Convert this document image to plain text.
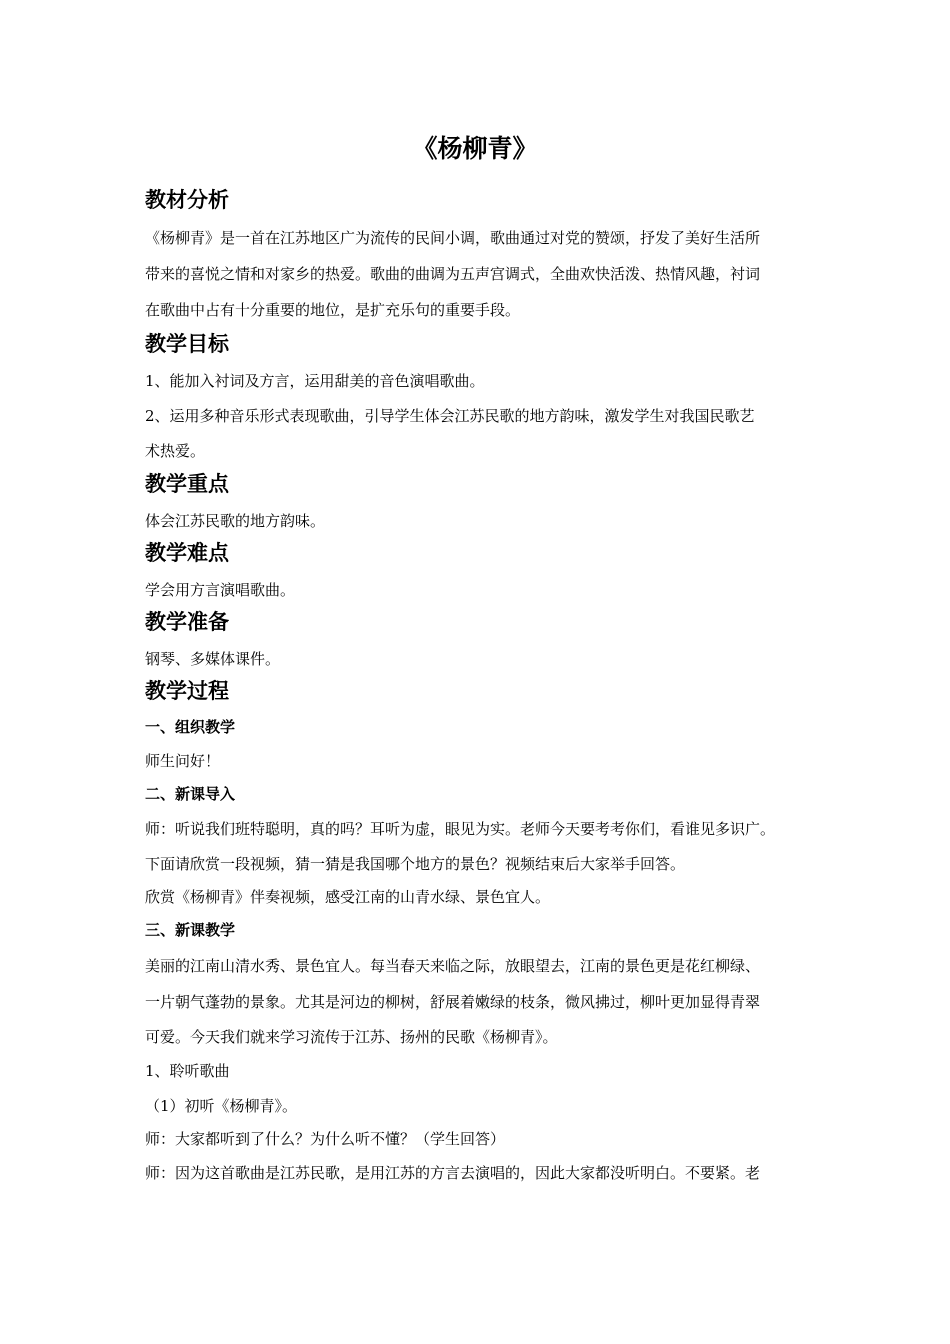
《杨柳青》
教材分析
《杨柳青》是一首在江苏地区广为流传的民间小调，歌曲通过对党的赞颂，抒发了美好生活所
带来的喜悦之情和对家乡的热爱。歌曲的曲调为五声宫调式，全曲欢快活泼、热情风趣，衬词
在歌曲中占有十分重要的地位，是扩充乐句的重要手段。
教学目标
1、能加入衬词及方言，运用甜美的音色演唱歌曲。
2、运用多种音乐形式表现歌曲，引导学生体会江苏民歌的地方韵味，激发学生对我国民歌艺
术热爱。
教学重点
体会江苏民歌的地方韵味。
教学难点
学会用方言演唱歌曲。
教学准备
钢琴、多媒体课件。
教学过程
一、组织教学
师生问好！
二、新课导入
师：听说我们班特聪明，真的吗？耳听为虚，眼见为实。老师今天要考考你们，看谁见多识广。
下面请欣赏一段视频，猜一猜是我国哪个地方的景色？视频结束后大家举手回答。
欣赏《杨柳青》伴奏视频，感受江南的山青水绿、景色宜人。
三、新课教学
美丽的江南山清水秀、景色宜人。每当春天来临之际，放眼望去，江南的景色更是花红柳绿、
一片朝气蓬勃的景象。尤其是河边的柳树，舒展着嫩绿的枝条，微风拂过，柳叶更加显得青翠
可爱。今天我们就来学习流传于江苏、扬州的民歌《杨柳青》。
1、聆听歌曲
（1）初听《杨柳青》。
师：大家都听到了什么？为什么听不懂？（学生回答）
师：因为这首歌曲是江苏民歌，是用江苏的方言去演唱的，因此大家都没听明白。不要紧。老
